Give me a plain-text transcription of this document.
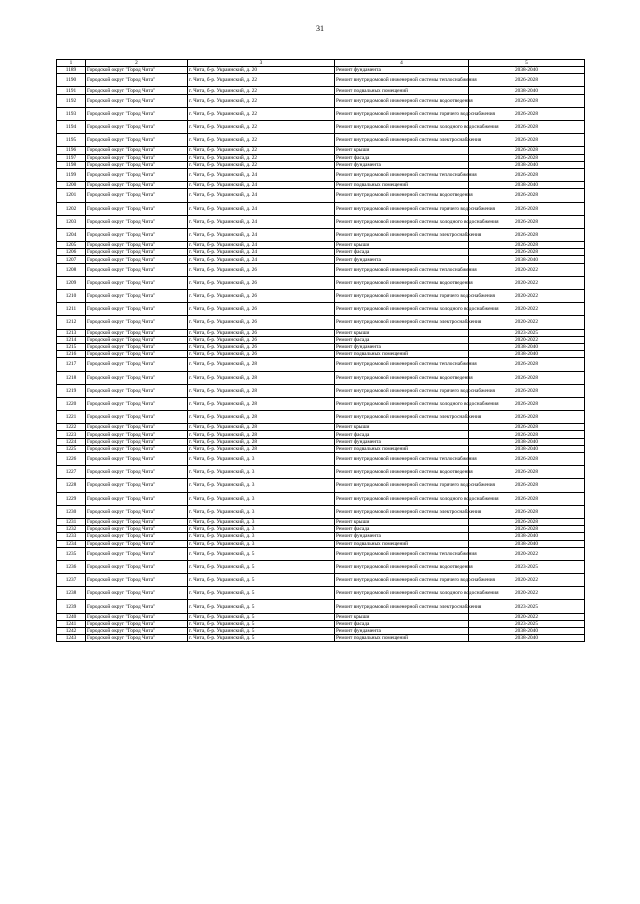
31
1	2	3	4	5
1189	Городской округ "Город Чита"	г. Чита, б-р. Украинский, д. 20	Ремонт фундамента	2038-2040
1190	Городской округ "Город Чита"	г. Чита, б-р. Украинский, д. 22	Ремонт внутридомовой инженерной системы теплоснабжения	2026-2028
1191	Городской округ "Город Чита"	г. Чита, б-р. Украинский, д. 22	Ремонт подвальных помещений	2038-2040
1192	Городской округ "Город Чита"	г. Чита, б-р. Украинский, д. 22	Ремонт внутридомовой инженерной системы водоотведения	2026-2028
1193	Городской округ "Город Чита"	г. Чита, б-р. Украинский, д. 22	Ремонт внутридомовой инженерной системы горячего водоснабжения	2026-2028
1194	Городской округ "Город Чита"	г. Чита, б-р. Украинский, д. 22	Ремонт внутридомовой инженерной системы холодного водоснабжения	2026-2028
1195	Городской округ "Город Чита"	г. Чита, б-р. Украинский, д. 22	Ремонт внутридомовой инженерной системы электроснабжения	2026-2028
1196	Городской округ "Город Чита"	г. Чита, б-р. Украинский, д. 22	Ремонт крыши	2026-2028
1197	Городской округ "Город Чита"	г. Чита, б-р. Украинский, д. 22	Ремонт фасада	2026-2028
1198	Городской округ "Город Чита"	г. Чита, б-р. Украинский, д. 22	Ремонт фундамента	2038-2040
1199	Городской округ "Город Чита"	г. Чита, б-р. Украинский, д. 24	Ремонт внутридомовой инженерной системы теплоснабжения	2026-2028
1200	Городской округ "Город Чита"	г. Чита, б-р. Украинский, д. 24	Ремонт подвальных помещений	2038-2040
1201	Городской округ "Город Чита"	г. Чита, б-р. Украинский, д. 24	Ремонт внутридомовой инженерной системы водоотведения	2026-2028
1202	Городской округ "Город Чита"	г. Чита, б-р. Украинский, д. 24	Ремонт внутридомовой инженерной системы горячего водоснабжения	2026-2028
1203	Городской округ "Город Чита"	г. Чита, б-р. Украинский, д. 24	Ремонт внутридомовой инженерной системы холодного водоснабжения	2026-2028
1204	Городской округ "Город Чита"	г. Чита, б-р. Украинский, д. 24	Ремонт внутридомовой инженерной системы электроснабжения	2026-2028
1205	Городской округ "Город Чита"	г. Чита, б-р. Украинский, д. 24	Ремонт крыши	2026-2028
1206	Городской округ "Город Чита"	г. Чита, б-р. Украинский, д. 24	Ремонт фасада	2026-2028
1207	Городской округ "Город Чита"	г. Чита, б-р. Украинский, д. 24	Ремонт фундамента	2038-2040
1208	Городской округ "Город Чита"	г. Чита, б-р. Украинский, д. 26	Ремонт внутридомовой инженерной системы теплоснабжения	2020-2022
1209	Городской округ "Город Чита"	г. Чита, б-р. Украинский, д. 26	Ремонт внутридомовой инженерной системы водоотведения	2020-2022
1210	Городской округ "Город Чита"	г. Чита, б-р. Украинский, д. 26	Ремонт внутридомовой инженерной системы горячего водоснабжения	2020-2022
1211	Городской округ "Город Чита"	г. Чита, б-р. Украинский, д. 26	Ремонт внутридомовой инженерной системы холодного водоснабжения	2020-2022
1212	Городской округ "Город Чита"	г. Чита, б-р. Украинский, д. 26	Ремонт внутридомовой инженерной системы электроснабжения	2020-2022
1213	Городской округ "Город Чита"	г. Чита, б-р. Украинский, д. 26	Ремонт крыши	2023-2025
1214	Городской округ "Город Чита"	г. Чита, б-р. Украинский, д. 26	Ремонт фасада	2020-2022
1215	Городской округ "Город Чита"	г. Чита, б-р. Украинский, д. 26	Ремонт фундамента	2038-2040
1216	Городской округ "Город Чита"	г. Чита, б-р. Украинский, д. 26	Ремонт подвальных помещений	2038-2040
1217	Городской округ "Город Чита"	г. Чита, б-р. Украинский, д. 28	Ремонт внутридомовой инженерной системы теплоснабжения	2026-2028
1218	Городской округ "Город Чита"	г. Чита, б-р. Украинский, д. 28	Ремонт внутридомовой инженерной системы водоотведения	2026-2028
1219	Городской округ "Город Чита"	г. Чита, б-р. Украинский, д. 28	Ремонт внутридомовой инженерной системы горячего водоснабжения	2026-2028
1220	Городской округ "Город Чита"	г. Чита, б-р. Украинский, д. 28	Ремонт внутридомовой инженерной системы холодного водоснабжения	2026-2028
1221	Городской округ "Город Чита"	г. Чита, б-р. Украинский, д. 28	Ремонт внутридомовой инженерной системы электроснабжения	2026-2028
1222	Городской округ "Город Чита"	г. Чита, б-р. Украинский, д. 28	Ремонт крыши	2026-2028
1223	Городской округ "Город Чита"	г. Чита, б-р. Украинский, д. 28	Ремонт фасада	2026-2028
1224	Городской округ "Город Чита"	г. Чита, б-р. Украинский, д. 28	Ремонт фундамента	2038-2040
1225	Городской округ "Город Чита"	г. Чита, б-р. Украинский, д. 28	Ремонт подвальных помещений	2038-2040
1226	Городской округ "Город Чита"	г. Чита, б-р. Украинский, д. 3	Ремонт внутридомовой инженерной системы теплоснабжения	2026-2028
1227	Городской округ "Город Чита"	г. Чита, б-р. Украинский, д. 3	Ремонт внутридомовой инженерной системы водоотведения	2026-2028
1228	Городской округ "Город Чита"	г. Чита, б-р. Украинский, д. 3	Ремонт внутридомовой инженерной системы горячего водоснабжения	2026-2028
1229	Городской округ "Город Чита"	г. Чита, б-р. Украинский, д. 3	Ремонт внутридомовой инженерной системы холодного водоснабжения	2026-2028
1230	Городской округ "Город Чита"	г. Чита, б-р. Украинский, д. 3	Ремонт внутридомовой инженерной системы электроснабжения	2026-2028
1231	Городской округ "Город Чита"	г. Чита, б-р. Украинский, д. 3	Ремонт крыши	2026-2028
1232	Городской округ "Город Чита"	г. Чита, б-р. Украинский, д. 3	Ремонт фасада	2026-2028
1233	Городской округ "Город Чита"	г. Чита, б-р. Украинский, д. 3	Ремонт фундамента	2038-2040
1234	Городской округ "Город Чита"	г. Чита, б-р. Украинский, д. 3	Ремонт подвальных помещений	2038-2040
1235	Городской округ "Город Чита"	г. Чита, б-р. Украинский, д. 5	Ремонт внутридомовой инженерной системы теплоснабжения	2020-2022
1236	Городской округ "Город Чита"	г. Чита, б-р. Украинский, д. 5	Ремонт внутридомовой инженерной системы водоотведения	2023-2025
1237	Городской округ "Город Чита"	г. Чита, б-р. Украинский, д. 5	Ремонт внутридомовой инженерной системы горячего водоснабжения	2020-2022
1238	Городской округ "Город Чита"	г. Чита, б-р. Украинский, д. 5	Ремонт внутридомовой инженерной системы холодного водоснабжения	2020-2022
1239	Городской округ "Город Чита"	г. Чита, б-р. Украинский, д. 5	Ремонт внутридомовой инженерной системы электроснабжения	2023-2025
1240	Городской округ "Город Чита"	г. Чита, б-р. Украинский, д. 5	Ремонт крыши	2020-2022
1241	Городской округ "Город Чита"	г. Чита, б-р. Украинский, д. 5	Ремонт фасада	2023-2025
1242	Городской округ "Город Чита"	г. Чита, б-р. Украинский, д. 5	Ремонт фундамента	2038-2040
1243	Городской округ "Город Чита"	г. Чита, б-р. Украинский, д. 5	Ремонт подвальных помещений	2038-2040
